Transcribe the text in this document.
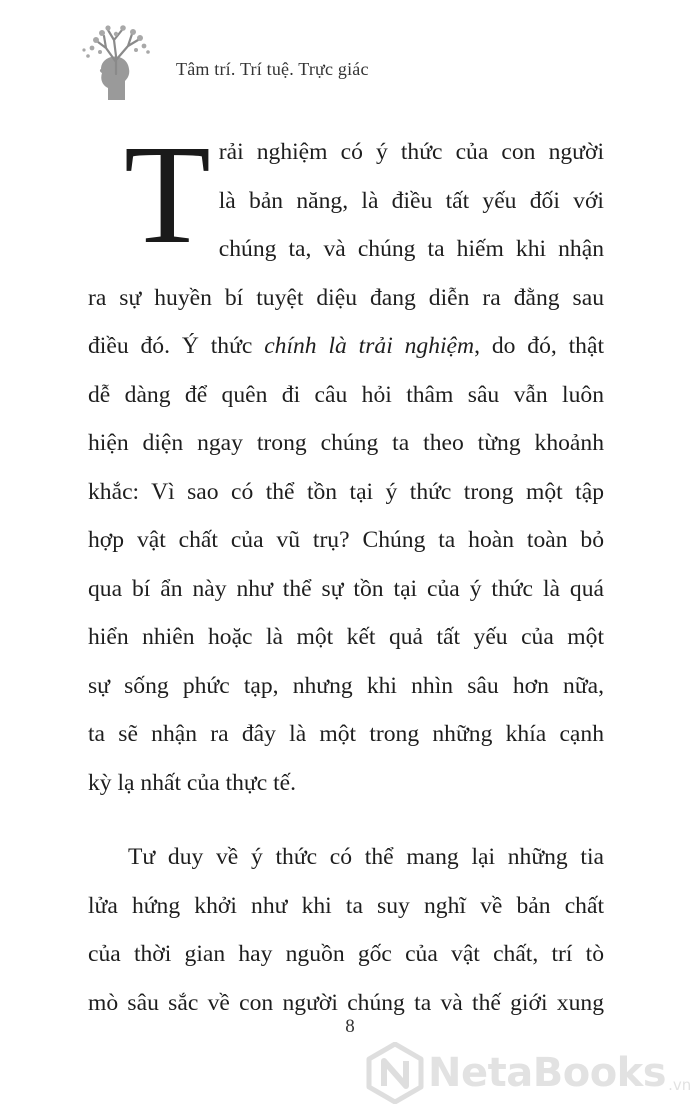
Tâm trí. Trí tuệ. Trực giác
T rải nghiệm có ý thức của con người
là bản năng, là điều tất yếu đối với
chúng ta, và chúng ta hiếm khi nhận
ra sự huyền bí tuyệt diệu đang diễn ra đằng sau
điều đó. Ý thức chính là trải nghiệm, do đó, thật
dễ dàng để quên đi câu hỏi thâm sâu vẫn luôn
hiện diện ngay trong chúng ta theo từng khoảnh
khắc: Vì sao có thể tồn tại ý thức trong một tập
hợp vật chất của vũ trụ? Chúng ta hoàn toàn bỏ
qua bí ẩn này như thể sự tồn tại của ý thức là quá
hiển nhiên hoặc là một kết quả tất yếu của một
sự sống phức tạp, nhưng khi nhìn sâu hơn nữa,
ta sẽ nhận ra đây là một trong những khía cạnh
kỳ lạ nhất của thực tế.
Tư duy về ý thức có thể mang lại những tia
lửa hứng khởi như khi ta suy nghĩ về bản chất
của thời gian hay nguồn gốc của vật chất, trí tò
mò sâu sắc về con người chúng ta và thế giới xung
8
NetaBooks .vn
